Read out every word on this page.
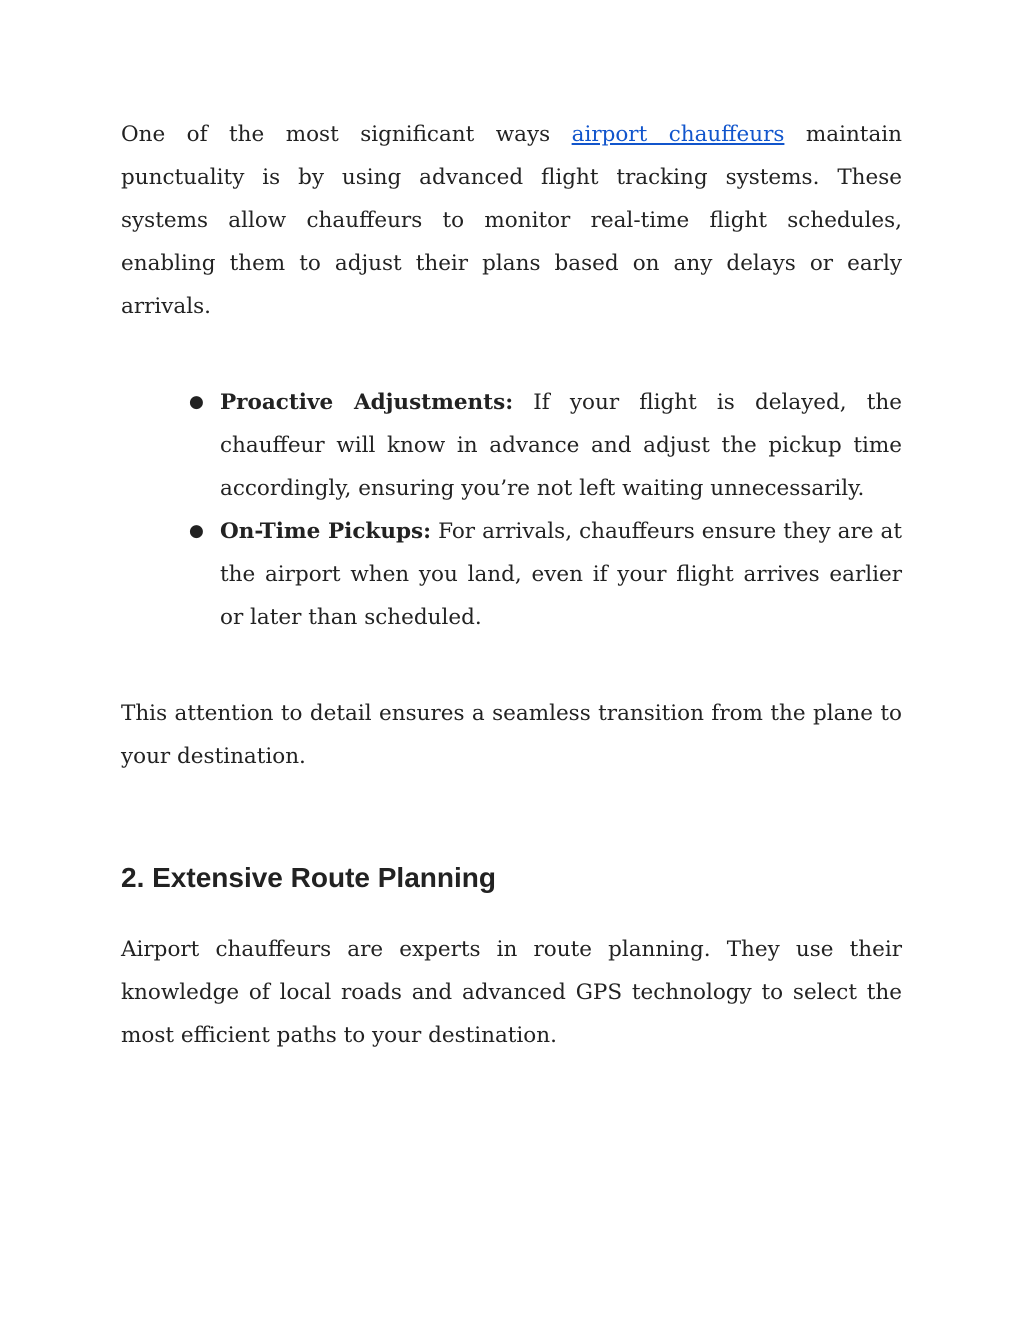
One of the most significant ways airport chauffeurs maintain punctuality is by using advanced flight tracking systems. These systems allow chauffeurs to monitor real-time flight schedules, enabling them to adjust their plans based on any delays or early arrivals.

● Proactive Adjustments: If your flight is delayed, the chauffeur will know in advance and adjust the pickup time accordingly, ensuring you’re not left waiting unnecessarily.
● On-Time Pickups: For arrivals, chauffeurs ensure they are at the airport when you land, even if your flight arrives earlier or later than scheduled.

This attention to detail ensures a seamless transition from the plane to your destination.

2. Extensive Route Planning

Airport chauffeurs are experts in route planning. They use their knowledge of local roads and advanced GPS technology to select the most efficient paths to your destination.
